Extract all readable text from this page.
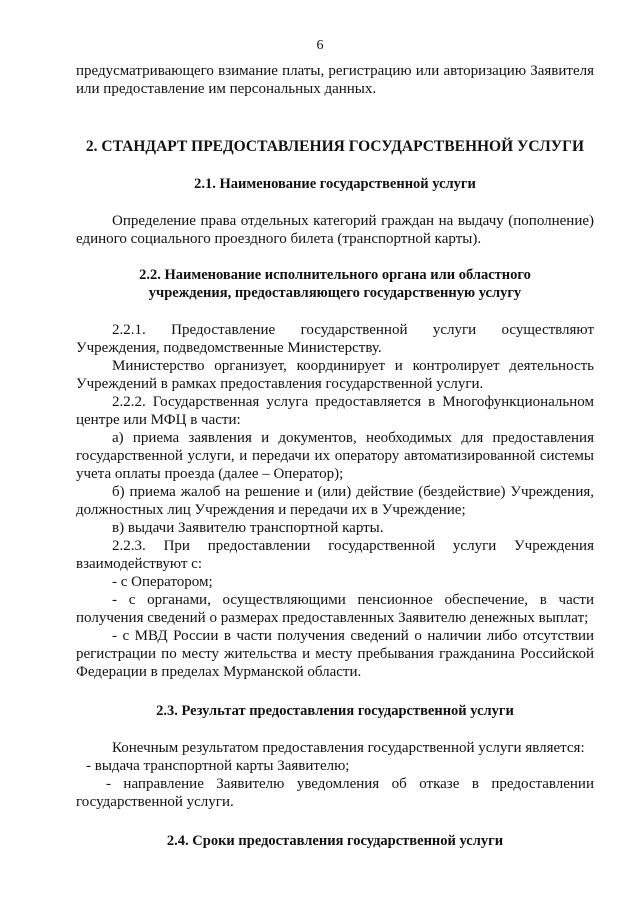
6

предусматривающего взимание платы, регистрацию или авторизацию Заявителя или предоставление им персональных данных.

2. СТАНДАРТ ПРЕДОСТАВЛЕНИЯ ГОСУДАРСТВЕННОЙ УСЛУГИ
2.1. Наименование государственной услуги

Определение права отдельных категорий граждан на выдачу (пополнение) единого социального проездного билета (транспортной карты).

2.2. Наименование исполнительного органа или областного учреждения, предоставляющего государственную услугу

2.2.1. Предоставление государственной услуги осуществляют Учреждения, подведомственные Министерству.

Министерство организует, координирует и контролирует деятельность Учреждений в рамках предоставления государственной услуги.

2.2.2. Государственная услуга предоставляется в Многофункциональном центре или МФЦ в части:

а) приема заявления и документов, необходимых для предоставления государственной услуги, и передачи их оператору автоматизированной системы учета оплаты проезда (далее – Оператор);

б) приема жалоб на решение и (или) действие (бездействие) Учреждения, должностных лиц Учреждения и передачи их в Учреждение;

в) выдачи Заявителю транспортной карты.

2.2.3. При предоставлении государственной услуги Учреждения взаимодействуют с:

- с Оператором;

- с органами, осуществляющими пенсионное обеспечение, в части получения сведений о размерах предоставленных Заявителю денежных выплат;

- с МВД России в части получения сведений о наличии либо отсутствии регистрации по месту жительства и месту пребывания гражданина Российской Федерации в пределах Мурманской области.

2.3. Результат предоставления государственной услуги

Конечным результатом предоставления государственной услуги является:

- выдача транспортной карты Заявителю;

- направление Заявителю уведомления об отказе в предоставлении государственной услуги.

2.4. Сроки предоставления государственной услуги
